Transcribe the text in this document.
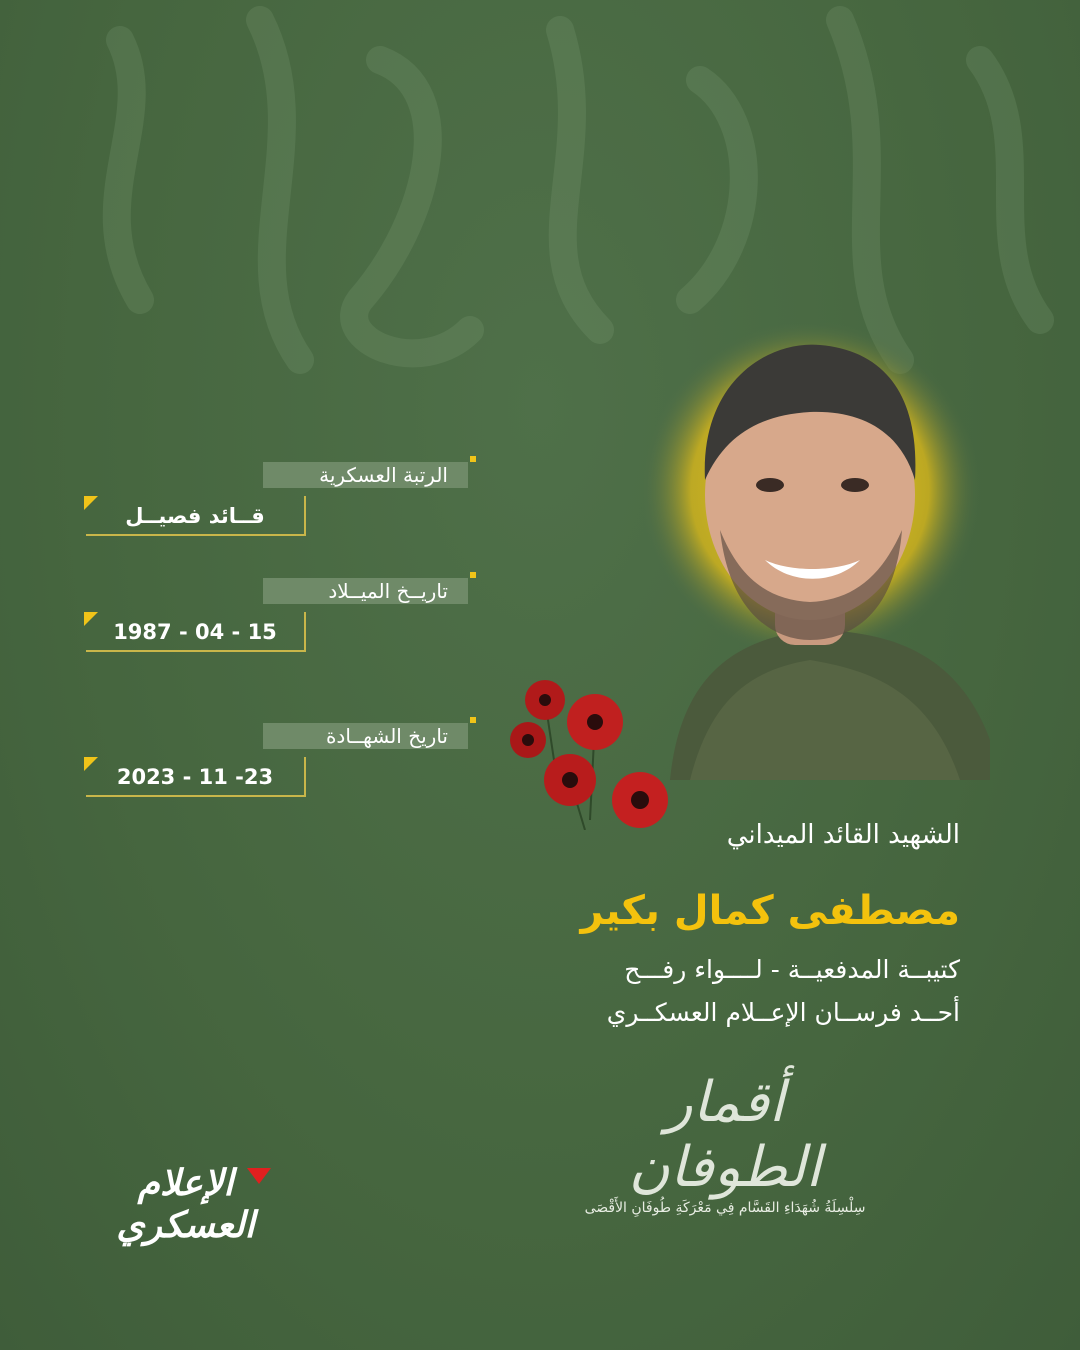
الرتبة العسكرية
قــائد فصيــل
تاريــخ الميــلاد
15 - 04 - 1987
تاريخ الشهــادة
23- 11 - 2023
الشهيد القائد الميداني
مصطفى كمال بكير
كتيبــة المدفعيــة - لــــواء رفـــح
أحــد فرســان الإعــلام العسكــري
أقمار الطوفان
سِلْسِلَةُ شُهَدَاءِ القَسَّام فِي مَعْرَكَةِ طُوفَانِ الأَقْصَى
الإعلام العسكري
